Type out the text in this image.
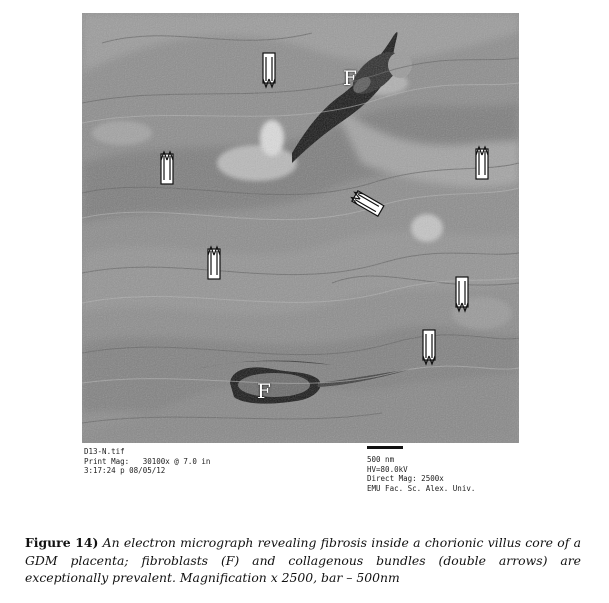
F
F
D13-N.tif
Print Mag:   30100x @ 7.0 in
3:17:24 p 08/05/12
500 nm
HV=80.0kV
Direct Mag: 2500x
EMU Fac. Sc. Alex. Univ.
Figure 14) An electron micrograph revealing fibrosis inside a chorionic villus core of a GDM placenta; fibroblasts (F) and collagenous bundles (double arrows) are exceptionally prevalent. Magnification x 2500, bar – 500nm
